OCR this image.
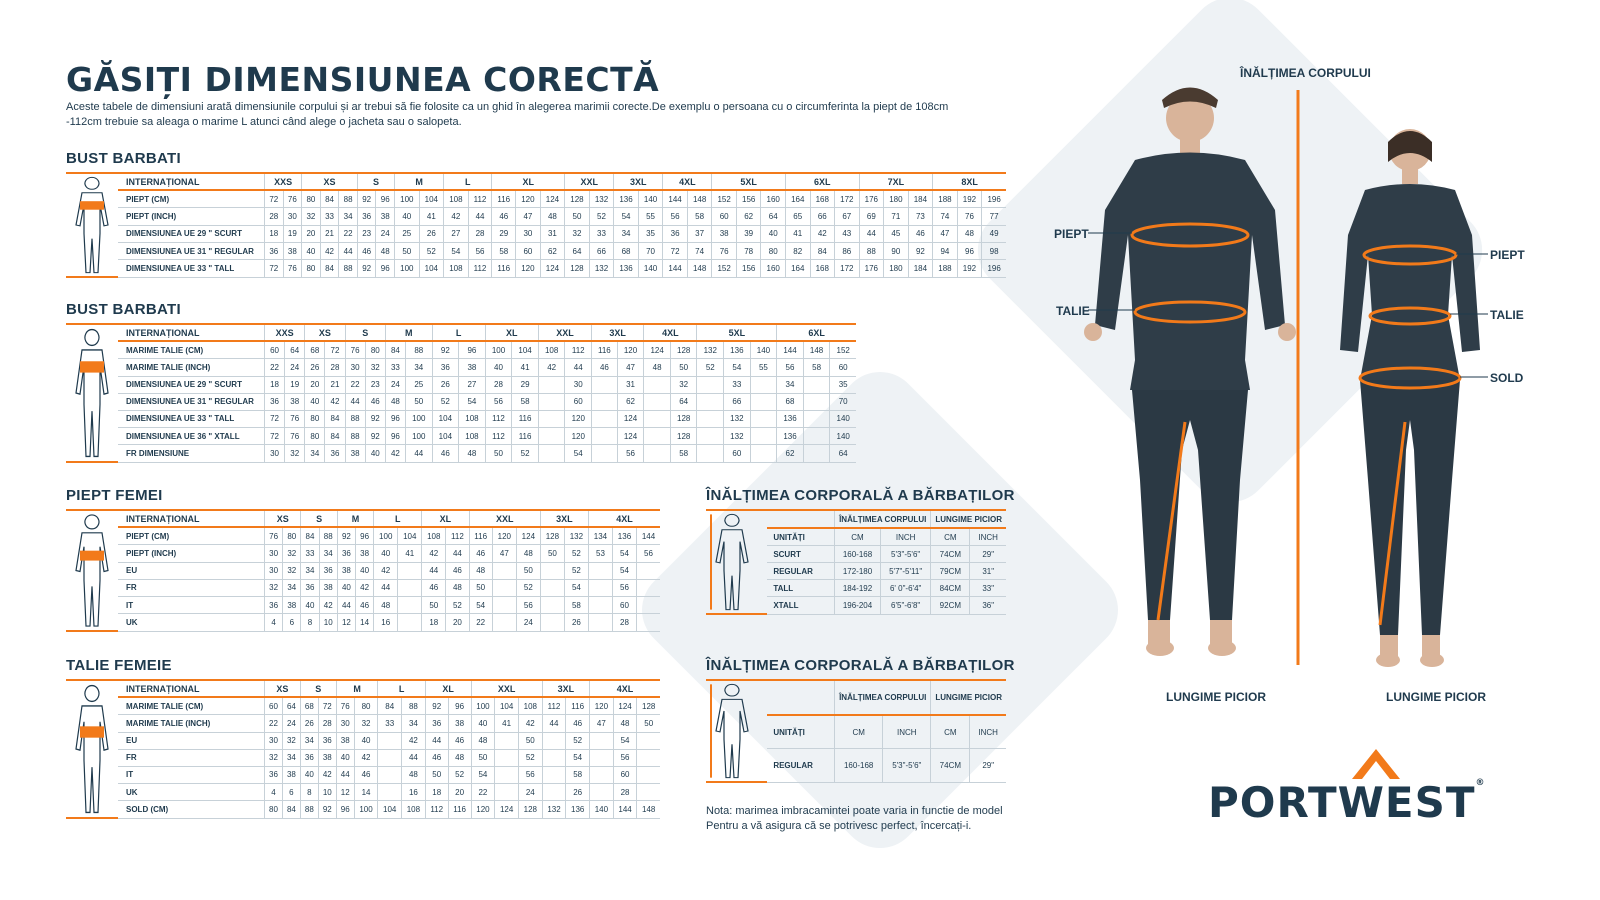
GĂSIȚI DIMENSIUNEA CORECTĂ

Aceste tabele de dimensiuni arată dimensiunile corpului și ar trebui să fie folosite ca un ghid în alegerea marimii corecte.De exemplu o persoana cu o circumferinta la piept de 108cm -112cm trebuie sa aleaga o marime L atunci când alege o jacheta sau o salopeta.

BUST BARBATI
	INTERNAȚIONAL	XXS		XS			S		M		L		XL			XXL		3XL		4XL		5XL			6XL			7XL			8XL		
	PIEPT (CM)	72	76	80	84	88	92	96	100	104	108	112	116	120	124	128	132	136	140	144	148	152	156	160	164	168	172	176	180	184	188	192	196
	PIEPT (INCH)	28	30	32	33	34	36	38	40	41	42	44	46	47	48	50	52	54	55	56	58	60	62	64	65	66	67	69	71	73	74	76	77
	DIMENSIUNEA UE 29 " SCURT	18	19	20	21	22	23	24	25	26	27	28	29	30	31	32	33	34	35	36	37	38	39	40	41	42	43	44	45	46	47	48	49
	DIMENSIUNEA UE 31 " REGULAR	36	38	40	42	44	46	48	50	52	54	56	58	60	62	64	66	68	70	72	74	76	78	80	82	84	86	88	90	92	94	96	98
	DIMENSIUNEA UE 33 " TALL	72	76	80	84	88	92	96	100	104	108	112	116	120	124	128	132	136	140	144	148	152	156	160	164	168	172	176	180	184	188	192	196
BUST BARBATI
	INTERNAȚIONAL	XXS		XS		S		M		L		XL		XXL		3XL		4XL		5XL			6XL		
	MARIME TALIE (CM)	60	64	68	72	76	80	84	88	92	96	100	104	108	112	116	120	124	128	132	136	140	144	148	152
	MARIME TALIE (INCH)	22	24	26	28	30	32	33	34	36	38	40	41	42	44	46	47	48	50	52	54	55	56	58	60
	DIMENSIUNEA UE 29 " SCURT	18	19	20	21	22	23	24	25	26	27	28	29		30		31		32		33		34		35
	DIMENSIUNEA UE 31 " REGULAR	36	38	40	42	44	46	48	50	52	54	56	58		60		62		64		66		68		70
	DIMENSIUNEA UE 33 " TALL	72	76	80	84	88	92	96	100	104	108	112	116		120		124		128		132		136		140
	DIMENSIUNEA UE 36 " XTALL	72	76	80	84	88	92	96	100	104	108	112	116		120		124		128		132		136		140
	FR DIMENSIUNE	30	32	34	36	38	40	42	44	46	48	50	52		54		56		58		60		62		64
PIEPT FEMEI
	INTERNAȚIONAL	XS		S		M		L		XL		XXL			3XL		4XL		
	PIEPT (CM)	76	80	84	88	92	96	100	104	108	112	116	120	124	128	132	134	136	144
	PIEPT (INCH)	30	32	33	34	36	38	40	41	42	44	46	47	48	50	52	53	54	56
	EU	30	32	34	36	38	40	42		44	46	48		50		52		54	
	FR	32	34	36	38	40	42	44		46	48	50		52		54		56	
	IT	36	38	40	42	44	46	48		50	52	54		56		58		60	
	UK	4	6	8	10	12	14	16		18	20	22		24		26		28	
TALIE FEMEIE
	INTERNAȚIONAL	XS		S		M		L		XL		XXL			3XL		4XL		
	MARIME TALIE (CM)	60	64	68	72	76	80	84	88	92	96	100	104	108	112	116	120	124	128
	MARIME TALIE (INCH)	22	24	26	28	30	32	33	34	36	38	40	41	42	44	46	47	48	50
	EU	30	32	34	36	38	40		42	44	46	48		50		52		54	
	FR	32	34	36	38	40	42		44	46	48	50		52		54		56	
	IT	36	38	40	42	44	46		48	50	52	54		56		58		60	
	UK	4	6	8	10	12	14		16	18	20	22		24		26		28	
	SOLD (CM)	80	84	88	92	96	100	104	108	112	116	120	124	128	132	136	140	144	148
ÎNĂLȚIMEA CORPORALĂ A BĂRBAȚILOR
		ÎNĂLȚIMEA CORPULUI		LUNGIME PICIOR	
	UNITĂȚI	CM	INCH	CM	INCH
	SCURT	160-168	5'3"-5'6"	74CM	29"
	REGULAR	172-180	5'7"-5'11"	79CM	31"
	TALL	184-192	6' 0"-6'4"	84CM	33"
	XTALL	196-204	6'5"-6'8"	92CM	36"
ÎNĂLȚIMEA CORPORALĂ A BĂRBAȚILOR
		ÎNĂLȚIMEA CORPULUI		LUNGIME PICIOR	
	UNITĂȚI	CM	INCH	CM	INCH
	REGULAR	160-168	5'3"-5'6"	74CM	29"
Nota: marimea imbracamintei poate varia in functie de model
Pentru a vă asigura că se potrivesc perfect, încercați-i.
ÎNĂLȚIMEA CORPULUI
PIEPT
TALIE
PIEPT
TALIE
SOLD
LUNGIME PICIOR	LUNGIME PICIOR
PORTWEST®
